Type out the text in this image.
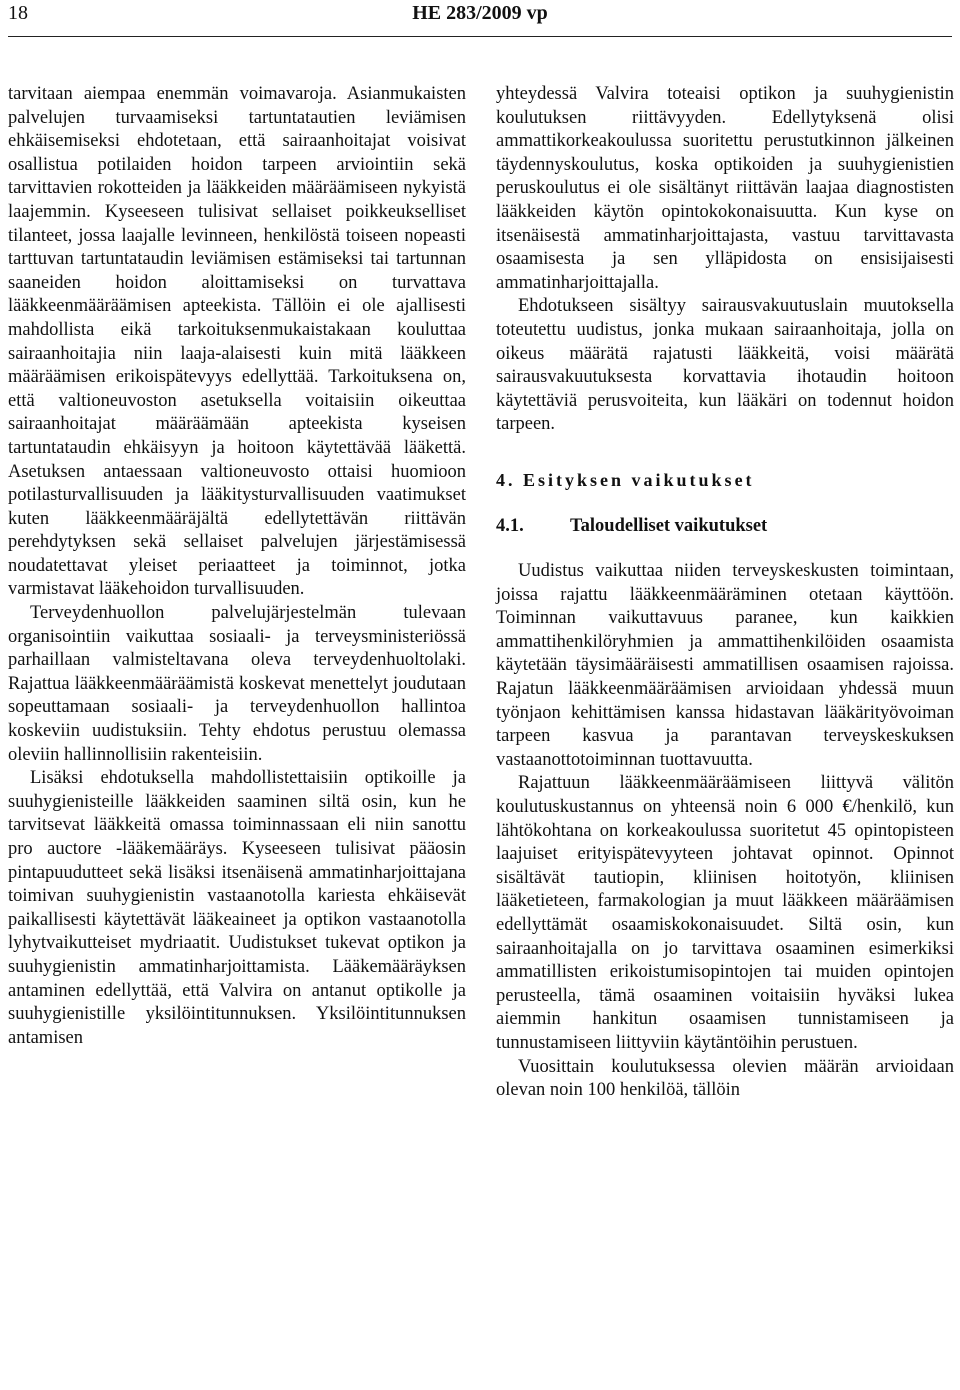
18	HE 283/2009 vp

tarvitaan aiempaa enemmän voimavaroja. Asianmukaisten palvelujen turvaamiseksi tartuntatautien leviämisen ehkäisemiseksi ehdotetaan, että sairaanhoitajat voisivat osallistua potilaiden hoidon tarpeen arviointiin sekä tarvittavien rokotteiden ja lääkkeiden määräämiseen nykyistä laajemmin. Kyseeseen tulisivat sellaiset poikkeukselliset tilanteet, jossa laajalle levinneen, henkilöstä toiseen nopeasti tarttuvan tartuntataudin leviämisen estämiseksi tai tartunnan saaneiden hoidon aloittamiseksi on turvattava lääkkeenmääräämisen apteekista. Tällöin ei ole ajallisesti mahdollista eikä tarkoituksenmukaistakaan kouluttaa sairaanhoitajia niin laaja-alaisesti kuin mitä lääkkeen määräämisen erikoispätevyys edellyttää. Tarkoituksena on, että valtioneuvoston asetuksella voitaisiin oikeuttaa sairaanhoitajat määräämään apteekista kyseisen tartuntataudin ehkäisyyn ja hoitoon käytettävää lääkettä. Asetuksen antaessaan valtioneuvosto ottaisi huomioon potilasturvallisuuden ja lääkitysturvallisuuden vaatimukset kuten lääkkeenmääräjältä edellytettävän riittävän perehdytyksen sekä sellaiset palvelujen järjestämisessä noudatettavat yleiset periaatteet ja toiminnot, jotka varmistavat lääkehoidon turvallisuuden.

Terveydenhuollon palvelujärjestelmän tulevaan organisointiin vaikuttaa sosiaali- ja terveysministeriössä parhaillaan valmisteltavana oleva terveydenhuoltolaki. Rajattua lääkkeenmääräämistä koskevat menettelyt joudutaan sopeuttamaan sosiaali- ja terveydenhuollon hallintoa koskeviin uudistuksiin. Tehty ehdotus perustuu olemassa oleviin hallinnollisiin rakenteisiin.

Lisäksi ehdotuksella mahdollistettaisiin optikoille ja suuhygienisteille lääkkeiden saaminen siltä osin, kun he tarvitsevat lääkkeitä omassa toiminnassaan eli niin sanottu pro auctore -lääkemääräys. Kyseeseen tulisivat pääosin pintapuudutteet sekä lisäksi itsenäisenä ammatinharjoittajana toimivan suuhygienistin vastaanotolla kariesta ehkäisevät paikallisesti käytettävät lääkeaineet ja optikon vastaanotolla lyhytvaikutteiset mydriaatit. Uudistukset tukevat optikon ja suuhygienistin ammatinharjoittamista. Lääkemääräyksen antaminen edellyttää, että Valvira on antanut optikolle ja suuhygienistille yksilöintitunnuksen. Yksilöintitunnuksen antamisen

yhteydessä Valvira toteaisi optikon ja suuhygienistin koulutuksen riittävyyden. Edellytyksenä olisi ammattikorkeakoulussa suoritettu perustutkinnon jälkeinen täydennyskoulutus, koska optikoiden ja suuhygienistien peruskoulutus ei ole sisältänyt riittävän laajaa diagnostisten lääkkeiden käytön opintokokonaisuutta. Kun kyse on itsenäisestä ammatinharjoittajasta, vastuu tarvittavasta osaamisesta ja sen ylläpidosta on ensisijaisesti ammatinharjoittajalla.

Ehdotukseen sisältyy sairausvakuutuslain muutoksella toteutettu uudistus, jonka mukaan sairaanhoitaja, jolla on oikeus määrätä rajatusti lääkkeitä, voisi määrätä sairausvakuutuksesta korvattavia ihotaudin hoitoon käytettäviä perusvoiteita, kun lääkäri on todennut hoidon tarpeen.

4. Esityksen vaikutukset
4.1.	Taloudelliset vaikutukset

Uudistus vaikuttaa niiden terveyskeskusten toimintaan, joissa rajattu lääkkeenmääräminen otetaan käyttöön. Toiminnan vaikuttavuus paranee, kun kaikkien ammattihenkilöryhmien ja ammattihenkilöiden osaamista käytetään täysimääräisesti ammatillisen osaamisen rajoissa. Rajatun lääkkeenmääräämisen arvioidaan yhdessä muun työnjaon kehittämisen kanssa hidastavan lääkärityövoiman tarpeen kasvua ja parantavan terveyskeskuksen vastaanottotoiminnan tuottavuutta.

Rajattuun lääkkeenmääräämiseen liittyvä välitön koulutuskustannus on yhteensä noin 6 000 €/henkilö, kun lähtökohtana on korkeakoulussa suoritetut 45 opintopisteen laajuiset erityispätevyyteen johtavat opinnot. Opinnot sisältävät tautiopin, kliinisen hoitotyön, kliinisen lääketieteen, farmakologian ja muut lääkkeen määräämisen edellyttämät osaamiskokonaisuudet. Siltä osin, kun sairaanhoitajalla on jo tarvittava osaaminen esimerkiksi ammatillisten erikoistumisopintojen tai muiden opintojen perusteella, tämä osaaminen voitaisiin hyväksi lukea aiemmin hankitun osaamisen tunnistamiseen ja tunnustamiseen liittyviin käytäntöihin perustuen.

Vuosittain koulutuksessa olevien määrän arvioidaan olevan noin 100 henkilöä, tällöin
